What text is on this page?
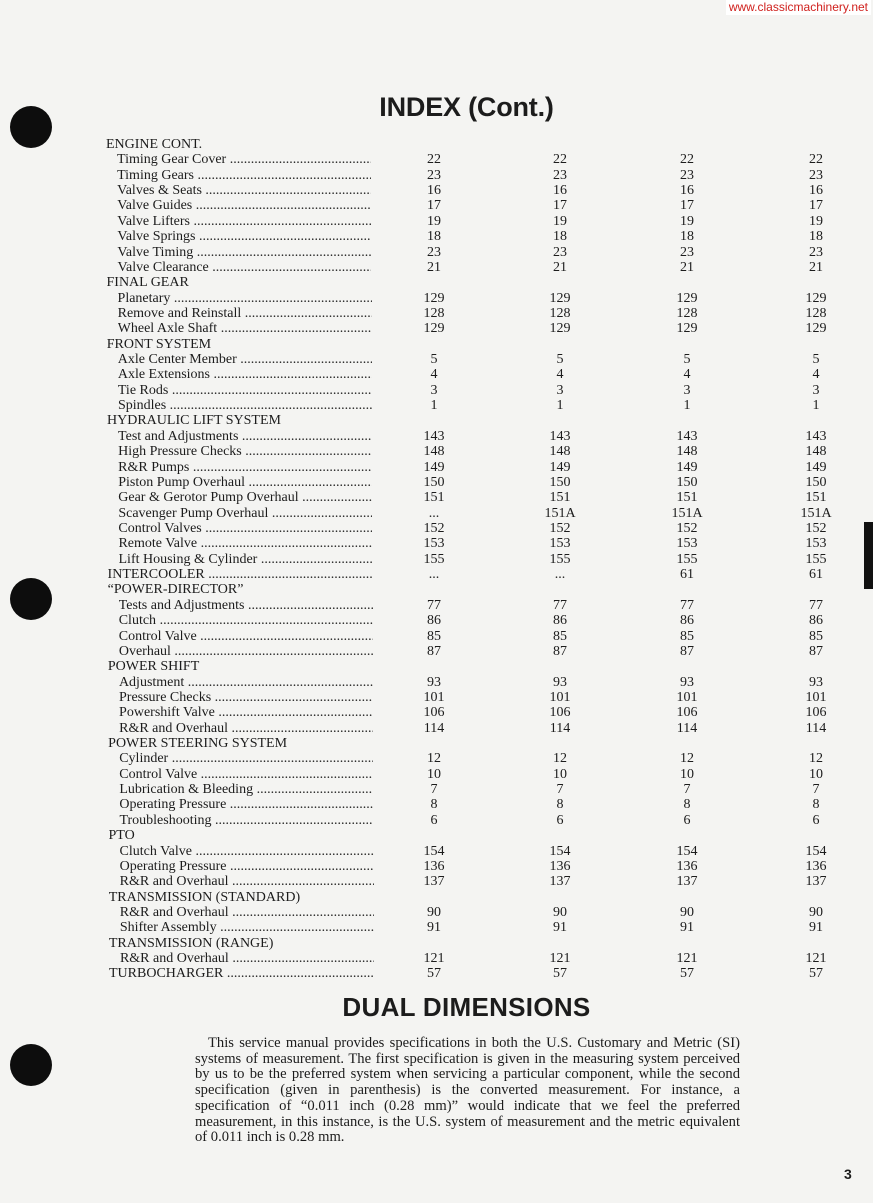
www.classicmachinery.net
INDEX (Cont.)
ENGINE CONT.
Timing Gear Cover .....	22	22	22	22
Timing Gears .....	23	23	23	23
Valves & Seats .....	16	16	16	16
Valve Guides .....	17	17	17	17
Valve Lifters .....	19	19	19	19
Valve Springs .....	18	18	18	18
Valve Timing .....	23	23	23	23
Valve Clearance .....	21	21	21	21
FINAL GEAR
Planetary .....	129	129	129	129
Remove and Reinstall .....	128	128	128	128
Wheel Axle Shaft .....	129	129	129	129
FRONT SYSTEM
Axle Center Member .....	5	5	5	5
Axle Extensions .....	4	4	4	4
Tie Rods .....	3	3	3	3
Spindles .....	1	1	1	1
HYDRAULIC LIFT SYSTEM
Test and Adjustments .....	143	143	143	143
High Pressure Checks .....	148	148	148	148
R&R Pumps .....	149	149	149	149
Piston Pump Overhaul .....	150	150	150	150
Gear & Gerotor Pump Overhaul .....	151	151	151	151
Scavenger Pump Overhaul .....	...	151A	151A	151A
Control Valves .....	152	152	152	152
Remote Valve .....	153	153	153	153
Lift Housing & Cylinder .....	155	155	155	155
INTERCOOLER .....	...	...	61	61
“POWER-DIRECTOR”
Tests and Adjustments .....	77	77	77	77
Clutch .....	86	86	86	86
Control Valve .....	85	85	85	85
Overhaul .....	87	87	87	87
POWER SHIFT
Adjustment .....	93	93	93	93
Pressure Checks .....	101	101	101	101
Powershift Valve .....	106	106	106	106
R&R and Overhaul .....	114	114	114	114
POWER STEERING SYSTEM
Cylinder .....	12	12	12	12
Control Valve .....	10	10	10	10
Lubrication & Bleeding .....	7	7	7	7
Operating Pressure .....	8	8	8	8
Troubleshooting .....	6	6	6	6
PTO
Clutch Valve .....	154	154	154	154
Operating Pressure .....	136	136	136	136
R&R and Overhaul .....	137	137	137	137
TRANSMISSION (STANDARD)
R&R and Overhaul .....	90	90	90	90
Shifter Assembly .....	91	91	91	91
TRANSMISSION (RANGE)
R&R and Overhaul .....	121	121	121	121
TURBOCHARGER .....	57	57	57	57
DUAL DIMENSIONS

This service manual provides specifications in both the U.S. Customary and Metric (SI) systems of measurement. The first specification is given in the measuring system perceived by us to be the preferred system when servicing a particular component, while the second specification (given in parenthesis) is the converted measurement. For instance, a specification of “0.011 inch (0.28 mm)” would indicate that we feel the preferred measurement, in this instance, is the U.S. system of measurement and the metric equivalent of 0.011 inch is 0.28 mm.

3
